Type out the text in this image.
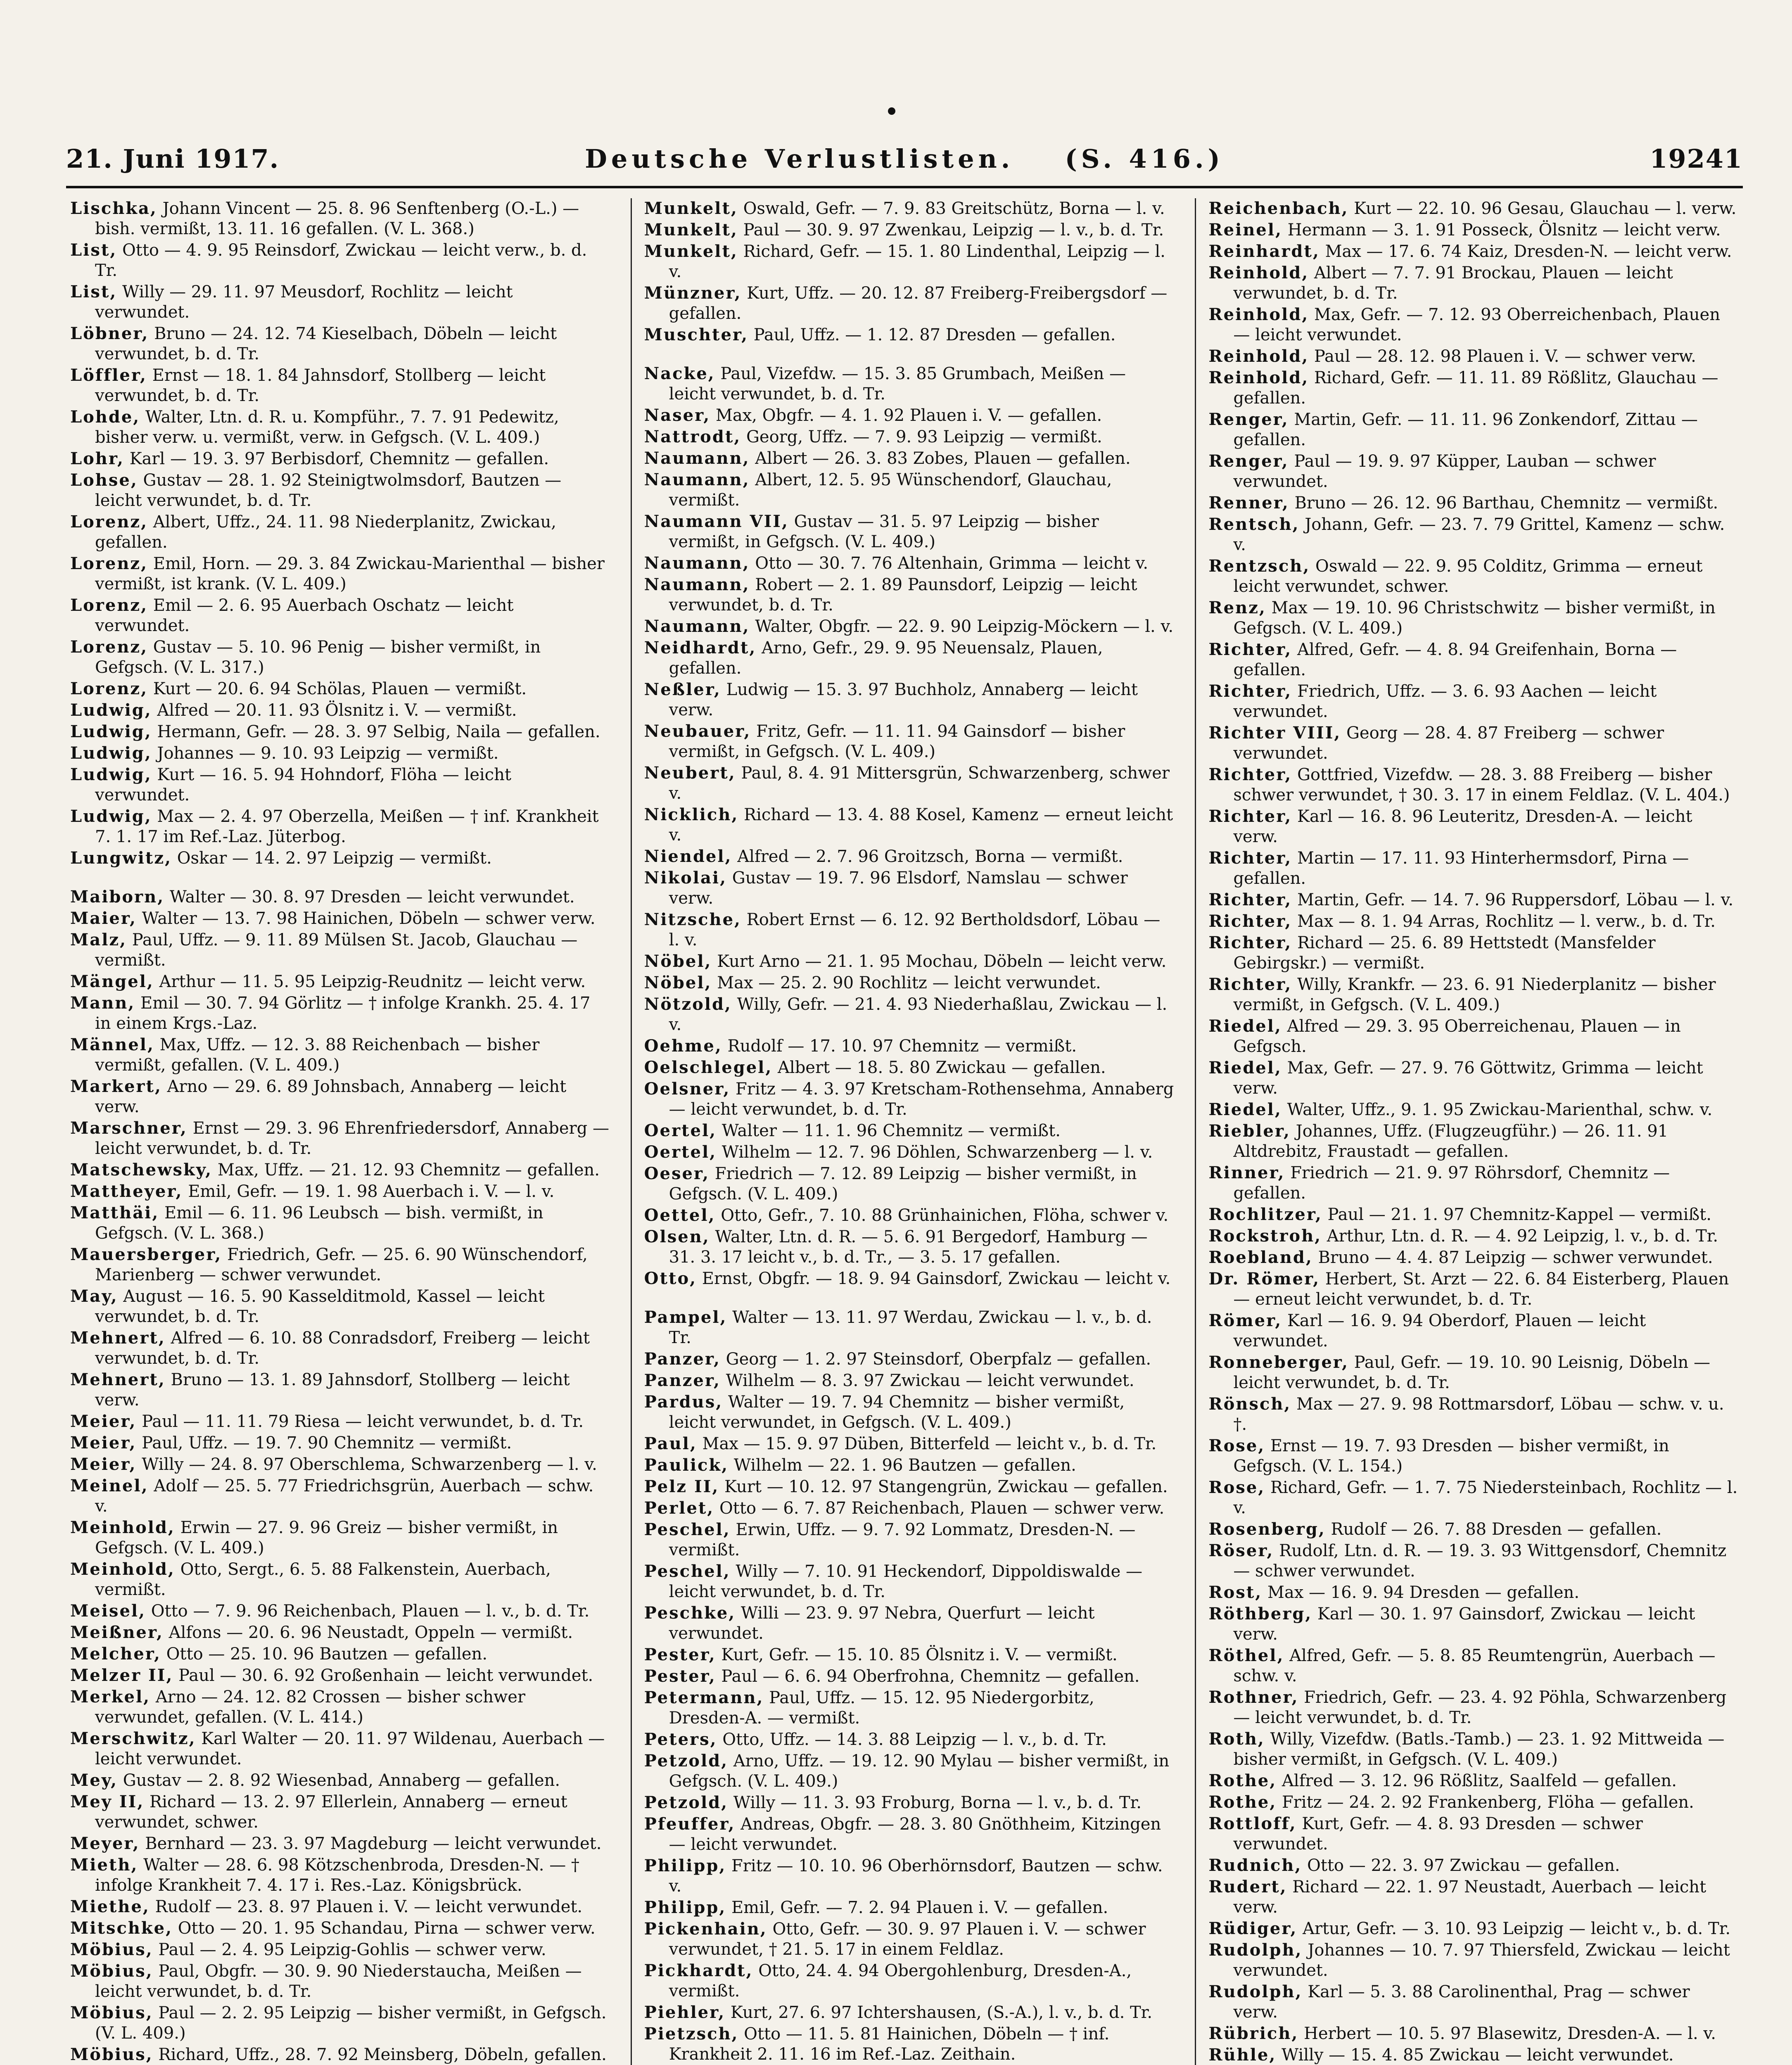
21. Juni 1917.	Deutsche Verlustlisten. (S. 416.)	19241
Lischka, Johann Vincent — 25. 8. 96 Senftenberg (O.-L.) — bish. vermißt, 13. 11. 16 gefallen. (V. L. 368.)
List, Otto — 4. 9. 95 Reinsdorf, Zwickau — leicht verw., b. d. Tr.
List, Willy — 29. 11. 97 Meusdorf, Rochlitz — leicht verwundet.
Löbner, Bruno — 24. 12. 74 Kieselbach, Döbeln — leicht verwundet, b. d. Tr.
Löffler, Ernst — 18. 1. 84 Jahnsdorf, Stollberg — leicht verwundet, b. d. Tr.
Lohde, Walter, Ltn. d. R. u. Kompführ., 7. 7. 91 Pedewitz, bisher verw. u. vermißt, verw. in Gefgsch. (V. L. 409.)
Lohr, Karl — 19. 3. 97 Berbisdorf, Chemnitz — gefallen.
Lohse, Gustav — 28. 1. 92 Steinigtwolmsdorf, Bautzen — leicht verwundet, b. d. Tr.
Lorenz, Albert, Uffz., 24. 11. 98 Niederplanitz, Zwickau, gefallen.
Lorenz, Emil, Horn. — 29. 3. 84 Zwickau-Marienthal — bisher vermißt, ist krank. (V. L. 409.)
Lorenz, Emil — 2. 6. 95 Auerbach Oschatz — leicht verwundet.
Lorenz, Gustav — 5. 10. 96 Penig — bisher vermißt, in Gefgsch. (V. L. 317.)
Lorenz, Kurt — 20. 6. 94 Schölas, Plauen — vermißt.
Ludwig, Alfred — 20. 11. 93 Ölsnitz i. V. — vermißt.
Ludwig, Hermann, Gefr. — 28. 3. 97 Selbig, Naila — gefallen.
Ludwig, Johannes — 9. 10. 93 Leipzig — vermißt.
Ludwig, Kurt — 16. 5. 94 Hohndorf, Flöha — leicht verwundet.
Ludwig, Max — 2. 4. 97 Oberzella, Meißen — † inf. Krankheit 7. 1. 17 im Ref.-Laz. Jüterbog.
Lungwitz, Oskar — 14. 2. 97 Leipzig — vermißt.
Maiborn, Walter — 30. 8. 97 Dresden — leicht verwundet.
Maier, Walter — 13. 7. 98 Hainichen, Döbeln — schwer verw.
Malz, Paul, Uffz. — 9. 11. 89 Mülsen St. Jacob, Glauchau — vermißt.
Mängel, Arthur — 11. 5. 95 Leipzig-Reudnitz — leicht verw.
Mann, Emil — 30. 7. 94 Görlitz — † infolge Krankh. 25. 4. 17 in einem Krgs.-Laz.
Männel, Max, Uffz. — 12. 3. 88 Reichenbach — bisher vermißt, gefallen. (V. L. 409.)
Markert, Arno — 29. 6. 89 Johnsbach, Annaberg — leicht verw.
Marschner, Ernst — 29. 3. 96 Ehrenfriedersdorf, Annaberg — leicht verwundet, b. d. Tr.
Matschewsky, Max, Uffz. — 21. 12. 93 Chemnitz — gefallen.
Mattheyer, Emil, Gefr. — 19. 1. 98 Auerbach i. V. — l. v.
Matthäi, Emil — 6. 11. 96 Leubsch — bish. vermißt, in Gefgsch. (V. L. 368.)
Mauersberger, Friedrich, Gefr. — 25. 6. 90 Wünschendorf, Marienberg — schwer verwundet.
May, August — 16. 5. 90 Kasselditmold, Kassel — leicht verwundet, b. d. Tr.
Mehnert, Alfred — 6. 10. 88 Conradsdorf, Freiberg — leicht verwundet, b. d. Tr.
Mehnert, Bruno — 13. 1. 89 Jahnsdorf, Stollberg — leicht verw.
Meier, Paul — 11. 11. 79 Riesa — leicht verwundet, b. d. Tr.
Meier, Paul, Uffz. — 19. 7. 90 Chemnitz — vermißt.
Meier, Willy — 24. 8. 97 Oberschlema, Schwarzenberg — l. v.
Meinel, Adolf — 25. 5. 77 Friedrichsgrün, Auerbach — schw. v.
Meinhold, Erwin — 27. 9. 96 Greiz — bisher vermißt, in Gefgsch. (V. L. 409.)
Meinhold, Otto, Sergt., 6. 5. 88 Falkenstein, Auerbach, vermißt.
Meisel, Otto — 7. 9. 96 Reichenbach, Plauen — l. v., b. d. Tr.
Meißner, Alfons — 20. 6. 96 Neustadt, Oppeln — vermißt.
Melcher, Otto — 25. 10. 96 Bautzen — gefallen.
Melzer II, Paul — 30. 6. 92 Großenhain — leicht verwundet.
Merkel, Arno — 24. 12. 82 Crossen — bisher schwer verwundet, gefallen. (V. L. 414.)
Merschwitz, Karl Walter — 20. 11. 97 Wildenau, Auerbach — leicht verwundet.
Mey, Gustav — 2. 8. 92 Wiesenbad, Annaberg — gefallen.
Mey II, Richard — 13. 2. 97 Ellerlein, Annaberg — erneut verwundet, schwer.
Meyer, Bernhard — 23. 3. 97 Magdeburg — leicht verwundet.
Mieth, Walter — 28. 6. 98 Kötzschenbroda, Dresden-N. — † infolge Krankheit 7. 4. 17 i. Res.-Laz. Königsbrück.
Miethe, Rudolf — 23. 8. 97 Plauen i. V. — leicht verwundet.
Mitschke, Otto — 20. 1. 95 Schandau, Pirna — schwer verw.
Möbius, Paul — 2. 4. 95 Leipzig-Gohlis — schwer verw.
Möbius, Paul, Obgfr. — 30. 9. 90 Niederstaucha, Meißen — leicht verwundet, b. d. Tr.
Möbius, Paul — 2. 2. 95 Leipzig — bisher vermißt, in Gefgsch. (V. L. 409.)
Möbius, Richard, Uffz., 28. 7. 92 Meinsberg, Döbeln, gefallen.
Munkelt, Oswald, Gefr. — 7. 9. 83 Greitschütz, Borna — l. v.
Munkelt, Paul — 30. 9. 97 Zwenkau, Leipzig — l. v., b. d. Tr.
Munkelt, Richard, Gefr. — 15. 1. 80 Lindenthal, Leipzig — l. v.
Münzner, Kurt, Uffz. — 20. 12. 87 Freiberg-Freibergsdorf — gefallen.
Muschter, Paul, Uffz. — 1. 12. 87 Dresden — gefallen.
Nacke, Paul, Vizefdw. — 15. 3. 85 Grumbach, Meißen — leicht verwundet, b. d. Tr.
Naser, Max, Obgfr. — 4. 1. 92 Plauen i. V. — gefallen.
Nattrodt, Georg, Uffz. — 7. 9. 93 Leipzig — vermißt.
Naumann, Albert — 26. 3. 83 Zobes, Plauen — gefallen.
Naumann, Albert, 12. 5. 95 Wünschendorf, Glauchau, vermißt.
Naumann VII, Gustav — 31. 5. 97 Leipzig — bisher vermißt, in Gefgsch. (V. L. 409.)
Naumann, Otto — 30. 7. 76 Altenhain, Grimma — leicht v.
Naumann, Robert — 2. 1. 89 Paunsdorf, Leipzig — leicht verwundet, b. d. Tr.
Naumann, Walter, Obgfr. — 22. 9. 90 Leipzig-Möckern — l. v.
Neidhardt, Arno, Gefr., 29. 9. 95 Neuensalz, Plauen, gefallen.
Neßler, Ludwig — 15. 3. 97 Buchholz, Annaberg — leicht verw.
Neubauer, Fritz, Gefr. — 11. 11. 94 Gainsdorf — bisher vermißt, in Gefgsch. (V. L. 409.)
Neubert, Paul, 8. 4. 91 Mittersgrün, Schwarzenberg, schwer v.
Nicklich, Richard — 13. 4. 88 Kosel, Kamenz — erneut leicht v.
Niendel, Alfred — 2. 7. 96 Groitzsch, Borna — vermißt.
Nikolai, Gustav — 19. 7. 96 Elsdorf, Namslau — schwer verw.
Nitzsche, Robert Ernst — 6. 12. 92 Bertholdsdorf, Löbau — l. v.
Nöbel, Kurt Arno — 21. 1. 95 Mochau, Döbeln — leicht verw.
Nöbel, Max — 25. 2. 90 Rochlitz — leicht verwundet.
Nötzold, Willy, Gefr. — 21. 4. 93 Niederhaßlau, Zwickau — l. v.
Oehme, Rudolf — 17. 10. 97 Chemnitz — vermißt.
Oelschlegel, Albert — 18. 5. 80 Zwickau — gefallen.
Oelsner, Fritz — 4. 3. 97 Kretscham-Rothensehma, Annaberg — leicht verwundet, b. d. Tr.
Oertel, Walter — 11. 1. 96 Chemnitz — vermißt.
Oertel, Wilhelm — 12. 7. 96 Döhlen, Schwarzenberg — l. v.
Oeser, Friedrich — 7. 12. 89 Leipzig — bisher vermißt, in Gefgsch. (V. L. 409.)
Oettel, Otto, Gefr., 7. 10. 88 Grünhainichen, Flöha, schwer v.
Olsen, Walter, Ltn. d. R. — 5. 6. 91 Bergedorf, Hamburg — 31. 3. 17 leicht v., b. d. Tr., — 3. 5. 17 gefallen.
Otto, Ernst, Obgfr. — 18. 9. 94 Gainsdorf, Zwickau — leicht v.
Pampel, Walter — 13. 11. 97 Werdau, Zwickau — l. v., b. d. Tr.
Panzer, Georg — 1. 2. 97 Steinsdorf, Oberpfalz — gefallen.
Panzer, Wilhelm — 8. 3. 97 Zwickau — leicht verwundet.
Pardus, Walter — 19. 7. 94 Chemnitz — bisher vermißt, leicht verwundet, in Gefgsch. (V. L. 409.)
Paul, Max — 15. 9. 97 Düben, Bitterfeld — leicht v., b. d. Tr.
Paulick, Wilhelm — 22. 1. 96 Bautzen — gefallen.
Pelz II, Kurt — 10. 12. 97 Stangengrün, Zwickau — gefallen.
Perlet, Otto — 6. 7. 87 Reichenbach, Plauen — schwer verw.
Peschel, Erwin, Uffz. — 9. 7. 92 Lommatz, Dresden-N. — vermißt.
Peschel, Willy — 7. 10. 91 Heckendorf, Dippoldiswalde — leicht verwundet, b. d. Tr.
Peschke, Willi — 23. 9. 97 Nebra, Querfurt — leicht verwundet.
Pester, Kurt, Gefr. — 15. 10. 85 Ölsnitz i. V. — vermißt.
Pester, Paul — 6. 6. 94 Oberfrohna, Chemnitz — gefallen.
Petermann, Paul, Uffz. — 15. 12. 95 Niedergorbitz, Dresden-A. — vermißt.
Peters, Otto, Uffz. — 14. 3. 88 Leipzig — l. v., b. d. Tr.
Petzold, Arno, Uffz. — 19. 12. 90 Mylau — bisher vermißt, in Gefgsch. (V. L. 409.)
Petzold, Willy — 11. 3. 93 Froburg, Borna — l. v., b. d. Tr.
Pfeuffer, Andreas, Obgfr. — 28. 3. 80 Gnöthheim, Kitzingen — leicht verwundet.
Philipp, Fritz — 10. 10. 96 Oberhörnsdorf, Bautzen — schw. v.
Philipp, Emil, Gefr. — 7. 2. 94 Plauen i. V. — gefallen.
Pickenhain, Otto, Gefr. — 30. 9. 97 Plauen i. V. — schwer verwundet, † 21. 5. 17 in einem Feldlaz.
Pickhardt, Otto, 24. 4. 94 Obergohlenburg, Dresden-A., vermißt.
Piehler, Kurt, 27. 6. 97 Ichtershausen, (S.-A.), l. v., b. d. Tr.
Pietzsch, Otto — 11. 5. 81 Hainichen, Döbeln — † inf. Krankheit 2. 11. 16 im Ref.-Laz. Zeithain.
Reichenbach, Kurt — 22. 10. 96 Gesau, Glauchau — l. verw.
Reinel, Hermann — 3. 1. 91 Posseck, Ölsnitz — leicht verw.
Reinhardt, Max — 17. 6. 74 Kaiz, Dresden-N. — leicht verw.
Reinhold, Albert — 7. 7. 91 Brockau, Plauen — leicht verwundet, b. d. Tr.
Reinhold, Max, Gefr. — 7. 12. 93 Oberreichenbach, Plauen — leicht verwundet.
Reinhold, Paul — 28. 12. 98 Plauen i. V. — schwer verw.
Reinhold, Richard, Gefr. — 11. 11. 89 Rößlitz, Glauchau — gefallen.
Renger, Martin, Gefr. — 11. 11. 96 Zonkendorf, Zittau — gefallen.
Renger, Paul — 19. 9. 97 Küpper, Lauban — schwer verwundet.
Renner, Bruno — 26. 12. 96 Barthau, Chemnitz — vermißt.
Rentsch, Johann, Gefr. — 23. 7. 79 Grittel, Kamenz — schw. v.
Rentzsch, Oswald — 22. 9. 95 Colditz, Grimma — erneut leicht verwundet, schwer.
Renz, Max — 19. 10. 96 Christschwitz — bisher vermißt, in Gefgsch. (V. L. 409.)
Richter, Alfred, Gefr. — 4. 8. 94 Greifenhain, Borna — gefallen.
Richter, Friedrich, Uffz. — 3. 6. 93 Aachen — leicht verwundet.
Richter VIII, Georg — 28. 4. 87 Freiberg — schwer verwundet.
Richter, Gottfried, Vizefdw. — 28. 3. 88 Freiberg — bisher schwer verwundet, † 30. 3. 17 in einem Feldlaz. (V. L. 404.)
Richter, Karl — 16. 8. 96 Leuteritz, Dresden-A. — leicht verw.
Richter, Martin — 17. 11. 93 Hinterhermsdorf, Pirna — gefallen.
Richter, Martin, Gefr. — 14. 7. 96 Ruppersdorf, Löbau — l. v.
Richter, Max — 8. 1. 94 Arras, Rochlitz — l. verw., b. d. Tr.
Richter, Richard — 25. 6. 89 Hettstedt (Mansfelder Gebirgskr.) — vermißt.
Richter, Willy, Krankfr. — 23. 6. 91 Niederplanitz — bisher vermißt, in Gefgsch. (V. L. 409.)
Riedel, Alfred — 29. 3. 95 Oberreichenau, Plauen — in Gefgsch.
Riedel, Max, Gefr. — 27. 9. 76 Göttwitz, Grimma — leicht verw.
Riedel, Walter, Uffz., 9. 1. 95 Zwickau-Marienthal, schw. v.
Riebler, Johannes, Uffz. (Flugzeugführ.) — 26. 11. 91 Altdrebitz, Fraustadt — gefallen.
Rinner, Friedrich — 21. 9. 97 Röhrsdorf, Chemnitz — gefallen.
Rochlitzer, Paul — 21. 1. 97 Chemnitz-Kappel — vermißt.
Rockstroh, Arthur, Ltn. d. R. — 4. 92 Leipzig, l. v., b. d. Tr.
Roebland, Bruno — 4. 4. 87 Leipzig — schwer verwundet.
Dr. Römer, Herbert, St. Arzt — 22. 6. 84 Eisterberg, Plauen — erneut leicht verwundet, b. d. Tr.
Römer, Karl — 16. 9. 94 Oberdorf, Plauen — leicht verwundet.
Ronneberger, Paul, Gefr. — 19. 10. 90 Leisnig, Döbeln — leicht verwundet, b. d. Tr.
Rönsch, Max — 27. 9. 98 Rottmarsdorf, Löbau — schw. v. u. †.
Rose, Ernst — 19. 7. 93 Dresden — bisher vermißt, in Gefgsch. (V. L. 154.)
Rose, Richard, Gefr. — 1. 7. 75 Niedersteinbach, Rochlitz — l. v.
Rosenberg, Rudolf — 26. 7. 88 Dresden — gefallen.
Röser, Rudolf, Ltn. d. R. — 19. 3. 93 Wittgensdorf, Chemnitz — schwer verwundet.
Rost, Max — 16. 9. 94 Dresden — gefallen.
Röthberg, Karl — 30. 1. 97 Gainsdorf, Zwickau — leicht verw.
Röthel, Alfred, Gefr. — 5. 8. 85 Reumtengrün, Auerbach — schw. v.
Rothner, Friedrich, Gefr. — 23. 4. 92 Pöhla, Schwarzenberg — leicht verwundet, b. d. Tr.
Roth, Willy, Vizefdw. (Batls.-Tamb.) — 23. 1. 92 Mittweida — bisher vermißt, in Gefgsch. (V. L. 409.)
Rothe, Alfred — 3. 12. 96 Rößlitz, Saalfeld — gefallen.
Rothe, Fritz — 24. 2. 92 Frankenberg, Flöha — gefallen.
Rottloff, Kurt, Gefr. — 4. 8. 93 Dresden — schwer verwundet.
Rudnich, Otto — 22. 3. 97 Zwickau — gefallen.
Rudert, Richard — 22. 1. 97 Neustadt, Auerbach — leicht verw.
Rüdiger, Artur, Gefr. — 3. 10. 93 Leipzig — leicht v., b. d. Tr.
Rudolph, Johannes — 10. 7. 97 Thiersfeld, Zwickau — leicht verwundet.
Rudolph, Karl — 5. 3. 88 Carolinenthal, Prag — schwer verw.
Rübrich, Herbert — 10. 5. 97 Blasewitz, Dresden-A. — l. v.
Rühle, Willy — 15. 4. 85 Zwickau — leicht verwundet.
